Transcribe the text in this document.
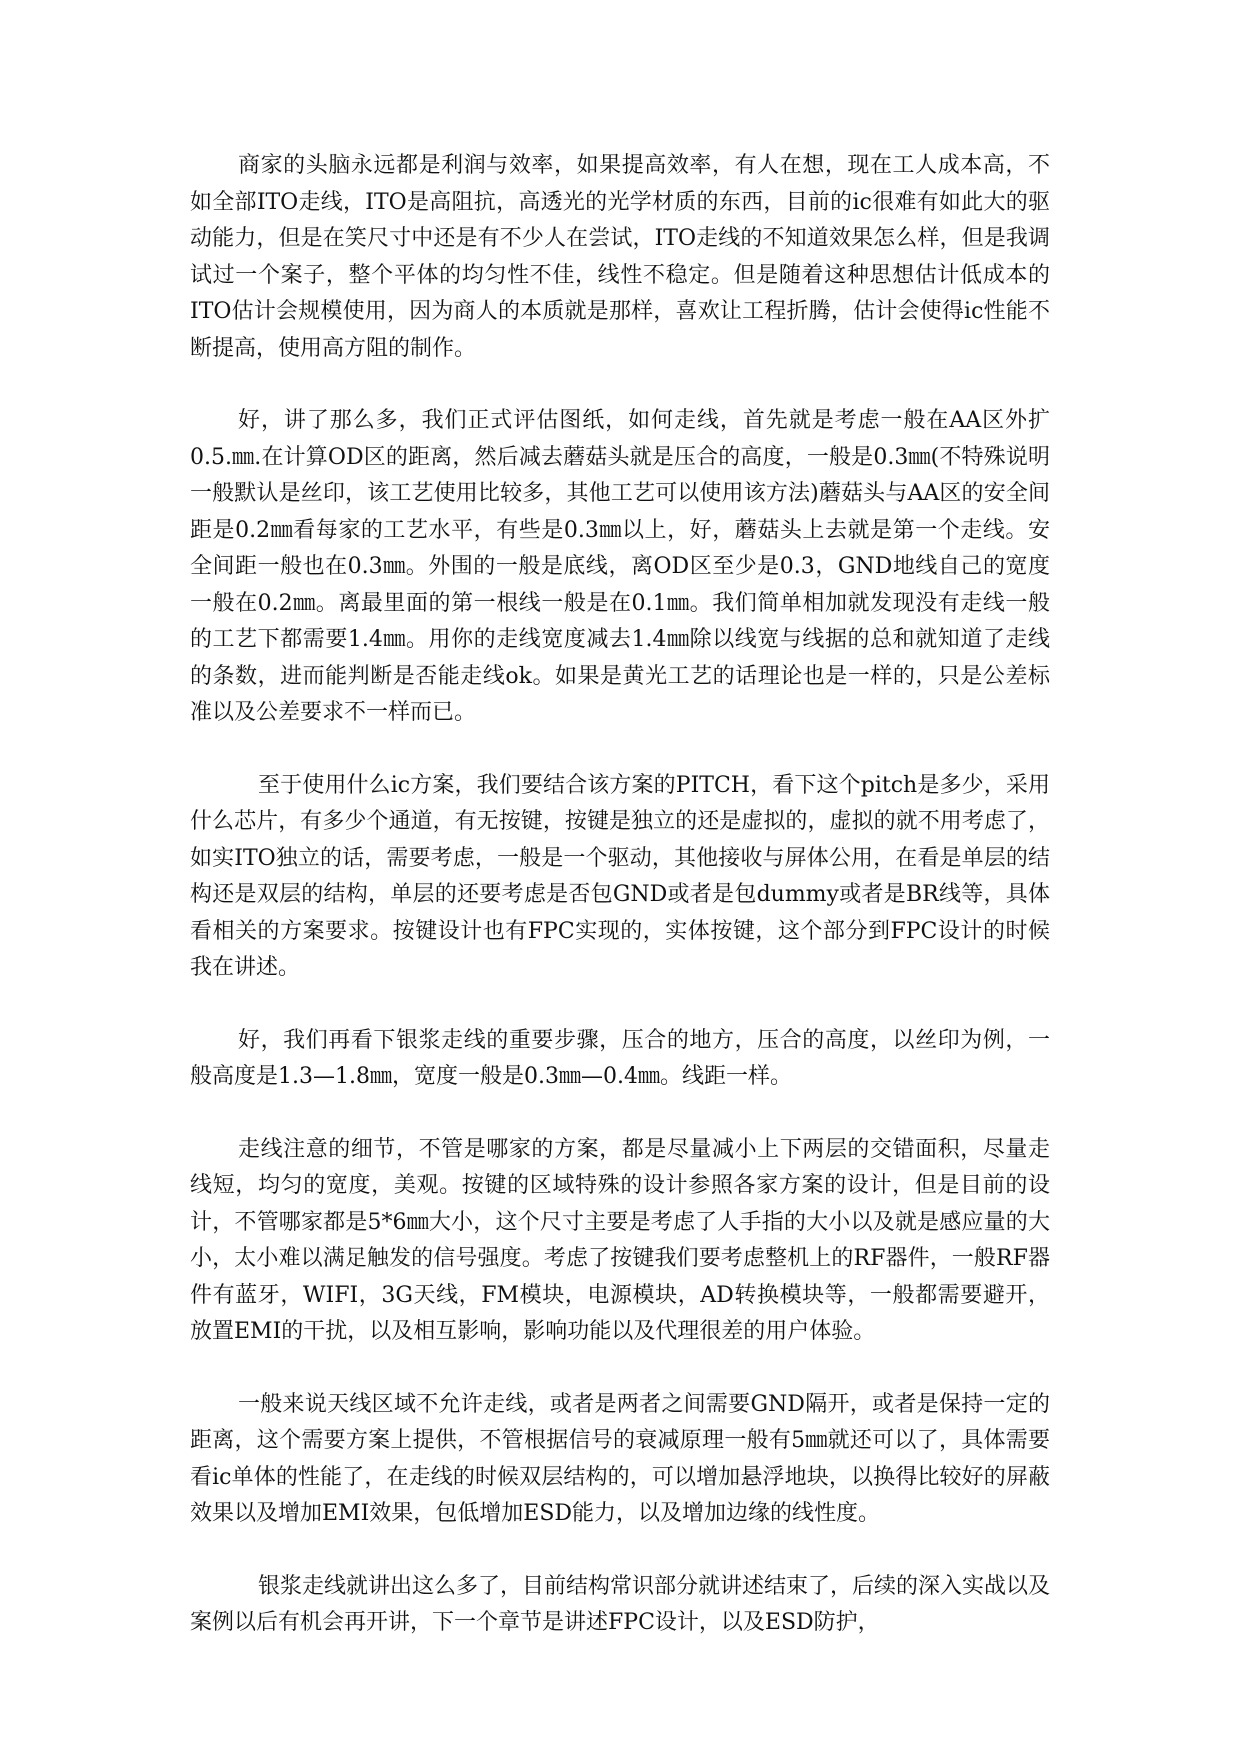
商家的头脑永远都是利润与效率，如果提高效率，有人在想，现在工人成本高，不如全部ITO走线，ITO是高阻抗，高透光的光学材质的东西，目前的ic很难有如此大的驱动能力，但是在笑尺寸中还是有不少人在尝试，ITO走线的不知道效果怎么样，但是我调试过一个案子，整个平体的均匀性不佳，线性不稳定。但是随着这种思想估计低成本的ITO估计会规模使用，因为商人的本质就是那样，喜欢让工程折腾，估计会使得ic性能不断提高，使用高方阻的制作。

好，讲了那么多，我们正式评估图纸，如何走线，首先就是考虑一般在AA区外扩0.5.㎜.在计算OD区的距离，然后减去蘑菇头就是压合的高度，一般是0.3㎜(不特殊说明一般默认是丝印，该工艺使用比较多，其他工艺可以使用该方法)蘑菇头与AA区的安全间距是0.2㎜看每家的工艺水平，有些是0.3㎜以上，好，蘑菇头上去就是第一个走线。安全间距一般也在0.3㎜。外围的一般是底线，离OD区至少是0.3，GND地线自己的宽度一般在0.2㎜。离最里面的第一根线一般是在0.1㎜。我们简单相加就发现没有走线一般的工艺下都需要1.4㎜。用你的走线宽度减去1.4㎜除以线宽与线据的总和就知道了走线的条数，进而能判断是否能走线ok。如果是黄光工艺的话理论也是一样的，只是公差标准以及公差要求不一样而已。

至于使用什么ic方案，我们要结合该方案的PITCH，看下这个pitch是多少，采用什么芯片，有多少个通道，有无按键，按键是独立的还是虚拟的，虚拟的就不用考虑了，如实ITO独立的话，需要考虑，一般是一个驱动，其他接收与屏体公用，在看是单层的结构还是双层的结构，单层的还要考虑是否包GND或者是包dummy或者是BR线等，具体看相关的方案要求。按键设计也有FPC实现的，实体按键，这个部分到FPC设计的时候我在讲述。

好，我们再看下银浆走线的重要步骤，压合的地方，压合的高度，以丝印为例，一般高度是1.3—1.8㎜，宽度一般是0.3㎜—0.4㎜。线距一样。

走线注意的细节，不管是哪家的方案，都是尽量减小上下两层的交错面积，尽量走线短，均匀的宽度，美观。按键的区域特殊的设计参照各家方案的设计，但是目前的设计，不管哪家都是5*6㎜大小，这个尺寸主要是考虑了人手指的大小以及就是感应量的大小，太小难以满足触发的信号强度。考虑了按键我们要考虑整机上的RF器件，一般RF器件有蓝牙，WIFI，3G天线，FM模块，电源模块，AD转换模块等，一般都需要避开，放置EMI的干扰，以及相互影响，影响功能以及代理很差的用户体验。

一般来说天线区域不允许走线，或者是两者之间需要GND隔开，或者是保持一定的距离，这个需要方案上提供，不管根据信号的衰减原理一般有5㎜就还可以了，具体需要看ic单体的性能了，在走线的时候双层结构的，可以增加悬浮地块，以换得比较好的屏蔽效果以及增加EMI效果，包低增加ESD能力，以及增加边缘的线性度。

银浆走线就讲出这么多了，目前结构常识部分就讲述结束了，后续的深入实战以及案例以后有机会再开讲，下一个章节是讲述FPC设计，以及ESD防护，
